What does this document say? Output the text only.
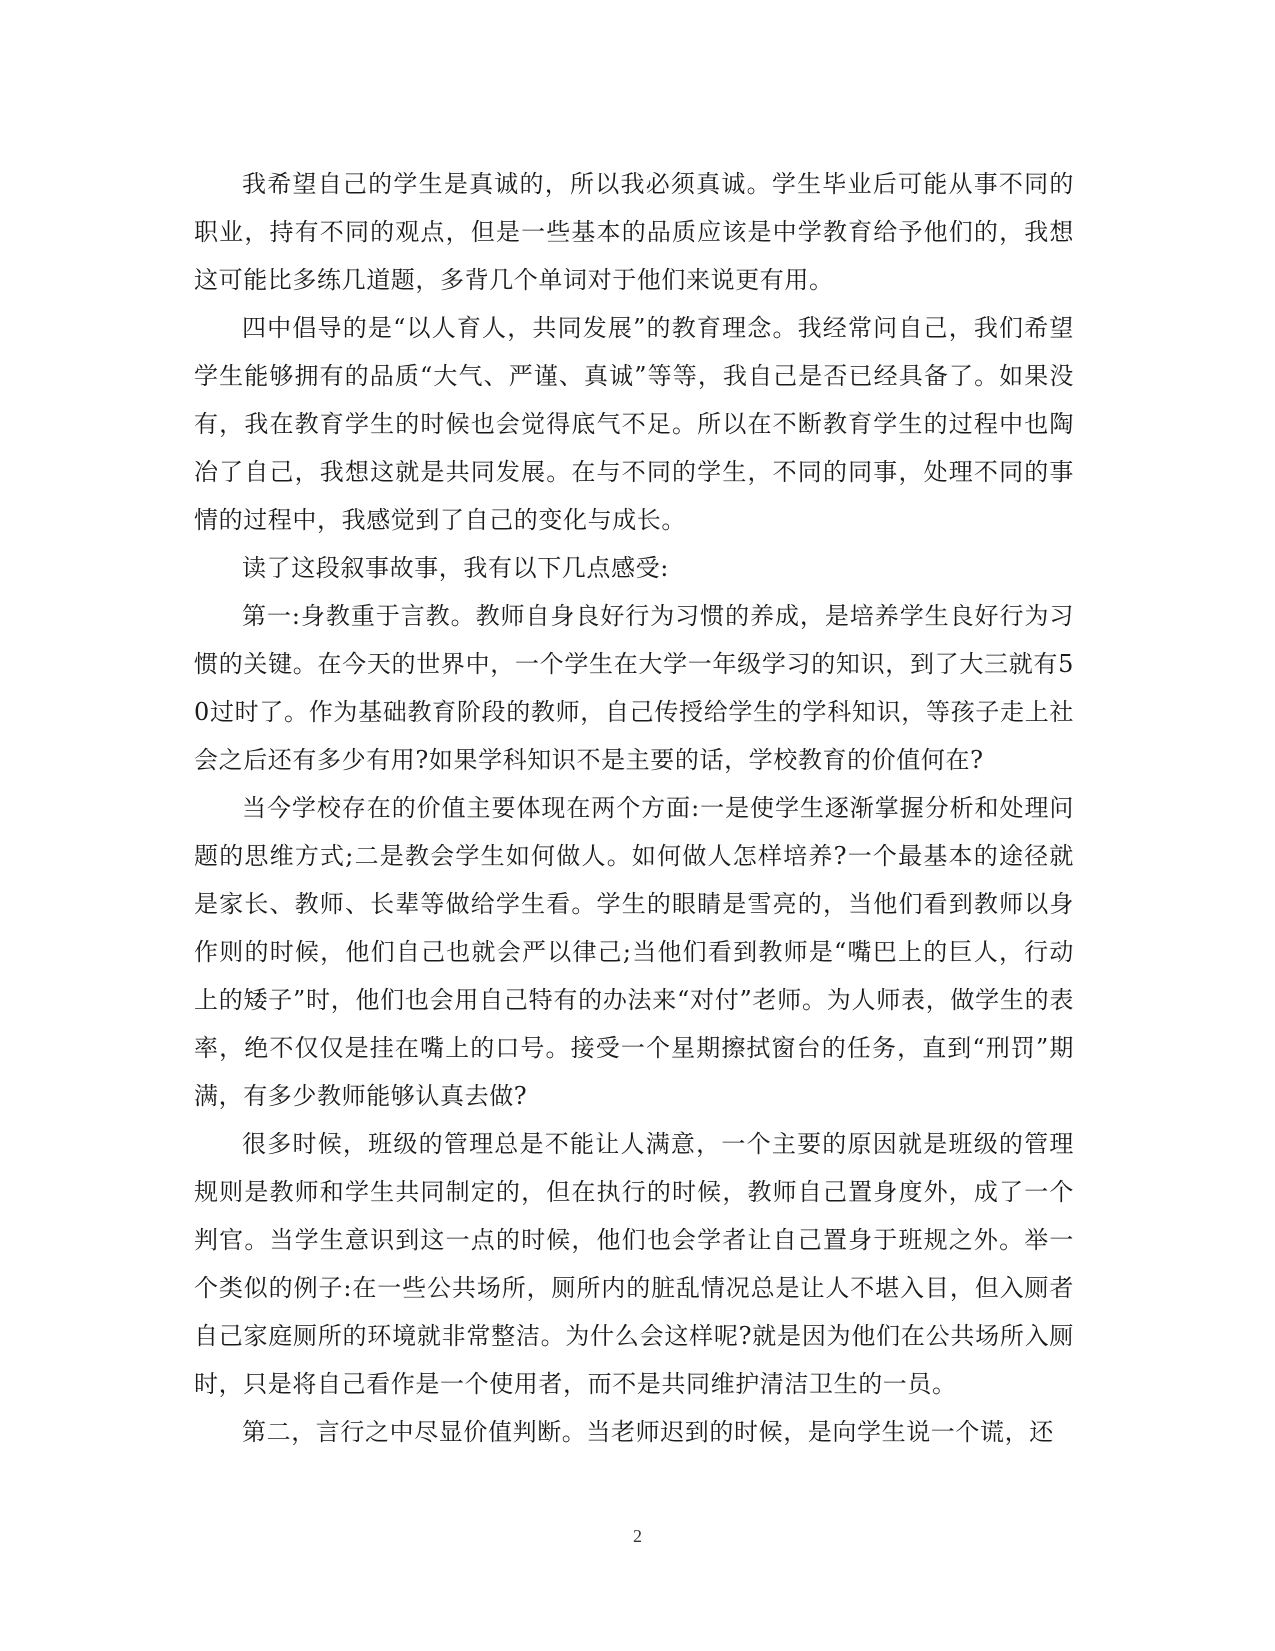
我希望自己的学生是真诚的，所以我必须真诚。学生毕业后可能从事不同的职业，持有不同的观点，但是一些基本的品质应该是中学教育给予他们的，我想这可能比多练几道题，多背几个单词对于他们来说更有用。

四中倡导的是“以人育人，共同发展”的教育理念。我经常问自己，我们希望学生能够拥有的品质“大气、严谨、真诚”等等，我自己是否已经具备了。如果没有，我在教育学生的时候也会觉得底气不足。所以在不断教育学生的过程中也陶冶了自己，我想这就是共同发展。在与不同的学生，不同的同事，处理不同的事情的过程中，我感觉到了自己的变化与成长。

读了这段叙事故事，我有以下几点感受:

第一:身教重于言教。教师自身良好行为习惯的养成，是培养学生良好行为习惯的关键。在今天的世界中，一个学生在大学一年级学习的知识，到了大三就有50过时了。作为基础教育阶段的教师，自己传授给学生的学科知识，等孩子走上社会之后还有多少有用?如果学科知识不是主要的话，学校教育的价值何在?

当今学校存在的价值主要体现在两个方面:一是使学生逐渐掌握分析和处理问题的思维方式;二是教会学生如何做人。如何做人怎样培养?一个最基本的途径就是家长、教师、长辈等做给学生看。学生的眼睛是雪亮的，当他们看到教师以身作则的时候，他们自己也就会严以律己;当他们看到教师是“嘴巴上的巨人，行动上的矮子”时，他们也会用自己特有的办法来“对付”老师。为人师表，做学生的表率，绝不仅仅是挂在嘴上的口号。接受一个星期擦拭窗台的任务，直到“刑罚”期满，有多少教师能够认真去做?

很多时候，班级的管理总是不能让人满意，一个主要的原因就是班级的管理规则是教师和学生共同制定的，但在执行的时候，教师自己置身度外，成了一个判官。当学生意识到这一点的时候，他们也会学者让自己置身于班规之外。举一个类似的例子:在一些公共场所，厕所内的脏乱情况总是让人不堪入目，但入厕者自己家庭厕所的环境就非常整洁。为什么会这样呢?就是因为他们在公共场所入厕时，只是将自己看作是一个使用者，而不是共同维护清洁卫生的一员。

第二，言行之中尽显价值判断。当老师迟到的时候，是向学生说一个谎，还

2
